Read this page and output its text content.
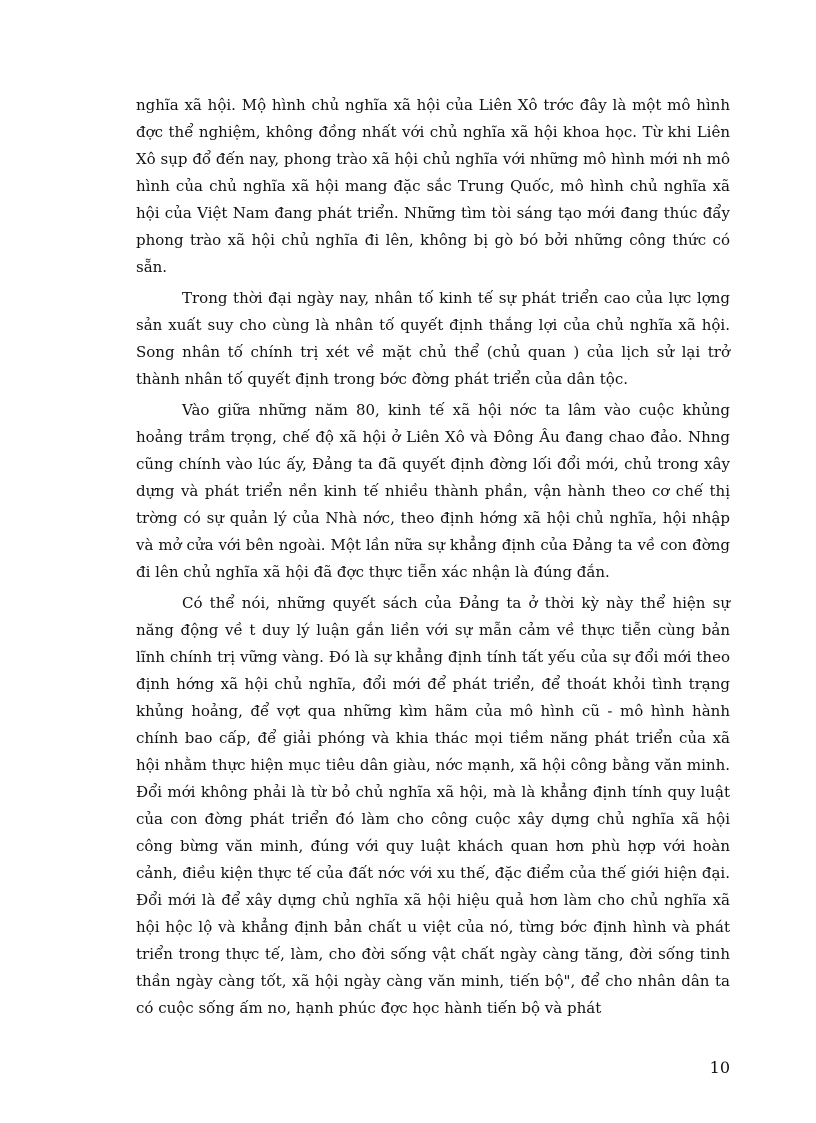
nghĩa xã hội. Mộ hình chủ nghĩa xã hội của Liên Xô trớc đây là một mô hình đợc thể nghiệm, không đồng nhất với chủ nghĩa xã hội khoa học. Từ khi Liên Xô sụp đổ đến nay, phong trào xã hội chủ nghĩa với những mô hình mới nh mô hình của chủ nghĩa xã hội mang đặc sắc Trung Quốc, mô hình chủ nghĩa xã hội của Việt Nam đang phát triển. Những tìm tòi sáng tạo mới đang thúc đẩy phong trào xã hội chủ nghĩa đi lên, không bị gò bó bởi những công thức có sẵn.

Trong thời đại ngày nay, nhân tố kinh tế sự phát triển cao của lực lợng sản xuất suy cho cùng là nhân tố quyết định thắng lợi của chủ nghĩa xã hội. Song nhân tố chính trị xét về mặt chủ thể (chủ quan ) của lịch sử lại trở thành nhân tố quyết định trong bớc đờng phát triển của dân tộc.

Vào giữa những năm 80, kinh tế xã hội nớc ta lâm vào cuộc khủng hoảng trầm trọng, chế độ xã hội ở Liên Xô và Đông Âu đang chao đảo. Nhng cũng chính vào lúc ấy, Đảng ta đã quyết định đờng lối đổi mới, chủ trong xây dựng và phát triển nền kinh tế nhiều thành phần, vận hành theo cơ chế thị trờng có sự quản lý của Nhà nớc, theo định hớng xã hội chủ nghĩa, hội nhập và mở cửa với bên ngoài. Một lần nữa sự khẳng định của Đảng ta về con đờng đi lên chủ nghĩa xã hội đã đợc thực tiễn xác nhận là đúng đắn.

Có thể nói, những quyết sách của Đảng ta ở thời kỳ này thể hiện sự năng động về t duy lý luận gắn liền với sự mẫn cảm về thực tiễn cùng bản lĩnh chính trị vững vàng. Đó là sự khẳng định tính tất yếu của sự đổi mới theo định hớng xã hội chủ nghĩa, đổi mới để phát triển, để thoát khỏi tình trạng khủng hoảng, để vợt qua những kìm hãm của mô hình cũ - mô hình hành chính bao cấp, để giải phóng và khia thác mọi tiềm năng phát triển của xã hội nhằm thực hiện mục tiêu dân giàu, nớc mạnh, xã hội công bằng văn minh. Đổi mới không phải là từ bỏ chủ nghĩa xã hội, mà là khẳng định tính quy luật của con đờng phát triển đó làm cho công cuộc xây dựng chủ nghĩa xã hội công bừng văn minh, đúng với quy luật khách quan hơn phù hợp với hoàn cảnh, điều kiện thực tế của đất nớc với xu thế, đặc điểm của thế giới hiện đại. Đổi mới là để xây dựng chủ nghĩa xã hội hiệu quả hơn làm cho chủ nghĩa xã hội hộc lộ và khẳng định bản chất u việt của nó, từng bớc định hình và phát triển trong thực tế, làm, cho đời sống vật chất ngày càng tăng, đời sống tinh thần ngày càng tốt, xã hội ngày càng văn minh, tiến bộ", để cho nhân dân ta có cuộc sống ấm no, hạnh phúc đợc học hành tiến bộ và phát

10
